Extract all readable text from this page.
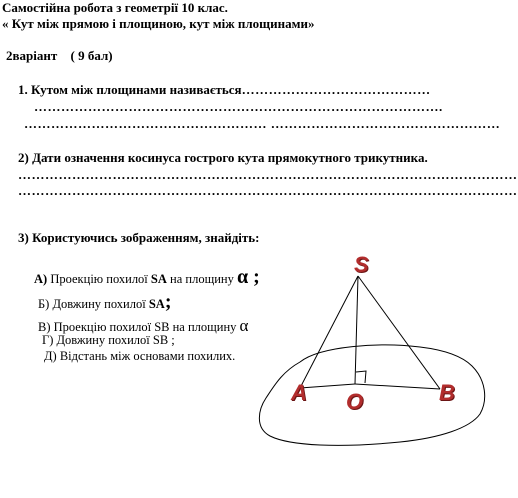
Самостійна робота з геометрії 10 клас.
« Кут між прямою і площиною, кут між площинами»
2варіант ( 9 бал)
1. Кутом між площинами називається……………………………………
……………………………………………………………………………….
……………………………………………… ……………………………………………
2) Дати означення косинуса гострого кута прямокутного трикутника.
…………………………………………………………………………………………………
…………………………………………………………………………………………………
3) Користуючись зображенням, знайдіть:
А) Проекцію похилої SA на площину α ;
Б) Довжину похилої SA;
В) Проекцію похилої SB на площину α
Г) Довжину похилої SB ;
Д) Відстань між основами похилих.
S
A O	B
